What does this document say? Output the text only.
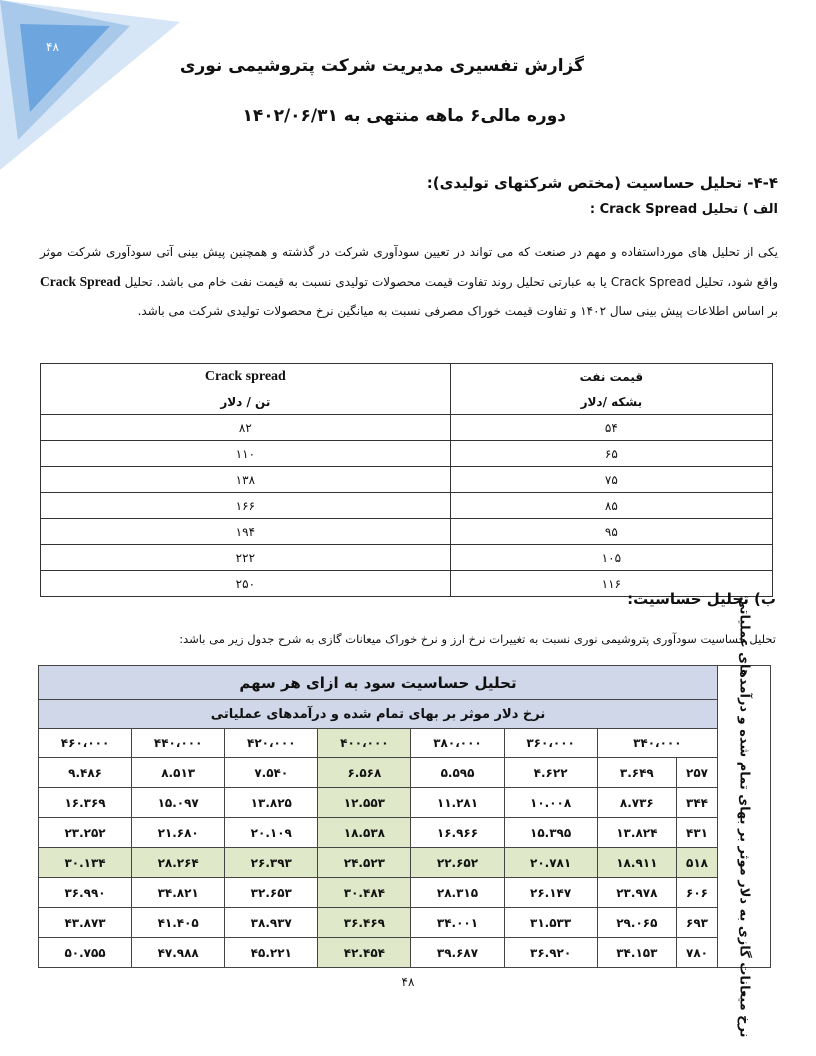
۴۸
گزارش تفسیری مدیریت شرکت پتروشیمی نوری
دوره مالی۶ ماهه منتهی به ۱۴۰۲/۰۶/۳۱
۴-۴- تحلیل حساسیت (مختص شرکتهای تولیدی):
الف ) تحلیل Crack Spread :
یکی از تحلیل های مورداستفاده و مهم در صنعت که می تواند در تعیین سودآوری شرکت در گذشته و همچنین پیش بینی آتی سودآوری شرکت موثر واقع شود، تحلیل Crack Spread یا به عبارتی تحلیل روند تفاوت قیمت محصولات تولیدی نسبت به قیمت نفت خام می باشد. تحلیل Crack Spread بر اساس اطلاعات پیش بینی سال ۱۴۰۲ و تفاوت قیمت خوراک مصرفی نسبت به میانگین نرخ محصولات تولیدی شرکت می باشد.
Crack spread	قیمت نفت
تن / دلار	بشکه /دلار
۸۲	۵۴
۱۱۰	۶۵
۱۳۸	۷۵
۱۶۶	۸۵
۱۹۴	۹۵
۲۲۲	۱۰۵
۲۵۰	۱۱۶
ب) تحلیل حساسیت:
تحلیل حساسیت سودآوری پتروشیمی نوری نسبت به تغییرات نرخ ارز و نرخ خوراک میعانات گازی به شرح جدول زیر می باشد:
تحلیل حساسیت سود به ازای هر سهم								نرخ میعانات گازی به دلار موثر بر بهای تمام شده و درآمدهای عملیاتی

نرخ دلار موثر بر بهای تمام شده و درآمدهای عملیاتی								
۴۶۰،۰۰۰	۴۴۰،۰۰۰	۴۲۰،۰۰۰	۴۰۰،۰۰۰	۳۸۰،۰۰۰	۳۶۰،۰۰۰	۳۴۰،۰۰۰		
۹.۴۸۶	۸.۵۱۳	۷.۵۴۰	۶.۵۶۸	۵.۵۹۵	۴.۶۲۲	۳.۶۴۹	۲۵۷	
۱۶.۳۶۹	۱۵.۰۹۷	۱۳.۸۲۵	۱۲.۵۵۳	۱۱.۲۸۱	۱۰.۰۰۸	۸.۷۳۶	۳۴۴	
۲۳.۲۵۲	۲۱.۶۸۰	۲۰.۱۰۹	۱۸.۵۳۸	۱۶.۹۶۶	۱۵.۳۹۵	۱۳.۸۲۴	۴۳۱	
۳۰.۱۳۴	۲۸.۲۶۴	۲۶.۳۹۳	۲۴.۵۲۳	۲۲.۶۵۲	۲۰.۷۸۱	۱۸.۹۱۱	۵۱۸	
۳۶.۹۹۰	۳۴.۸۲۱	۳۲.۶۵۳	۳۰.۴۸۴	۲۸.۳۱۵	۲۶.۱۴۷	۲۳.۹۷۸	۶۰۶	
۴۳.۸۷۳	۴۱.۴۰۵	۳۸.۹۳۷	۳۶.۴۶۹	۳۴.۰۰۱	۳۱.۵۳۳	۲۹.۰۶۵	۶۹۳	
۵۰.۷۵۵	۴۷.۹۸۸	۴۵.۲۲۱	۴۲.۴۵۴	۳۹.۶۸۷	۳۶.۹۲۰	۳۴.۱۵۳	۷۸۰	
۴۸
